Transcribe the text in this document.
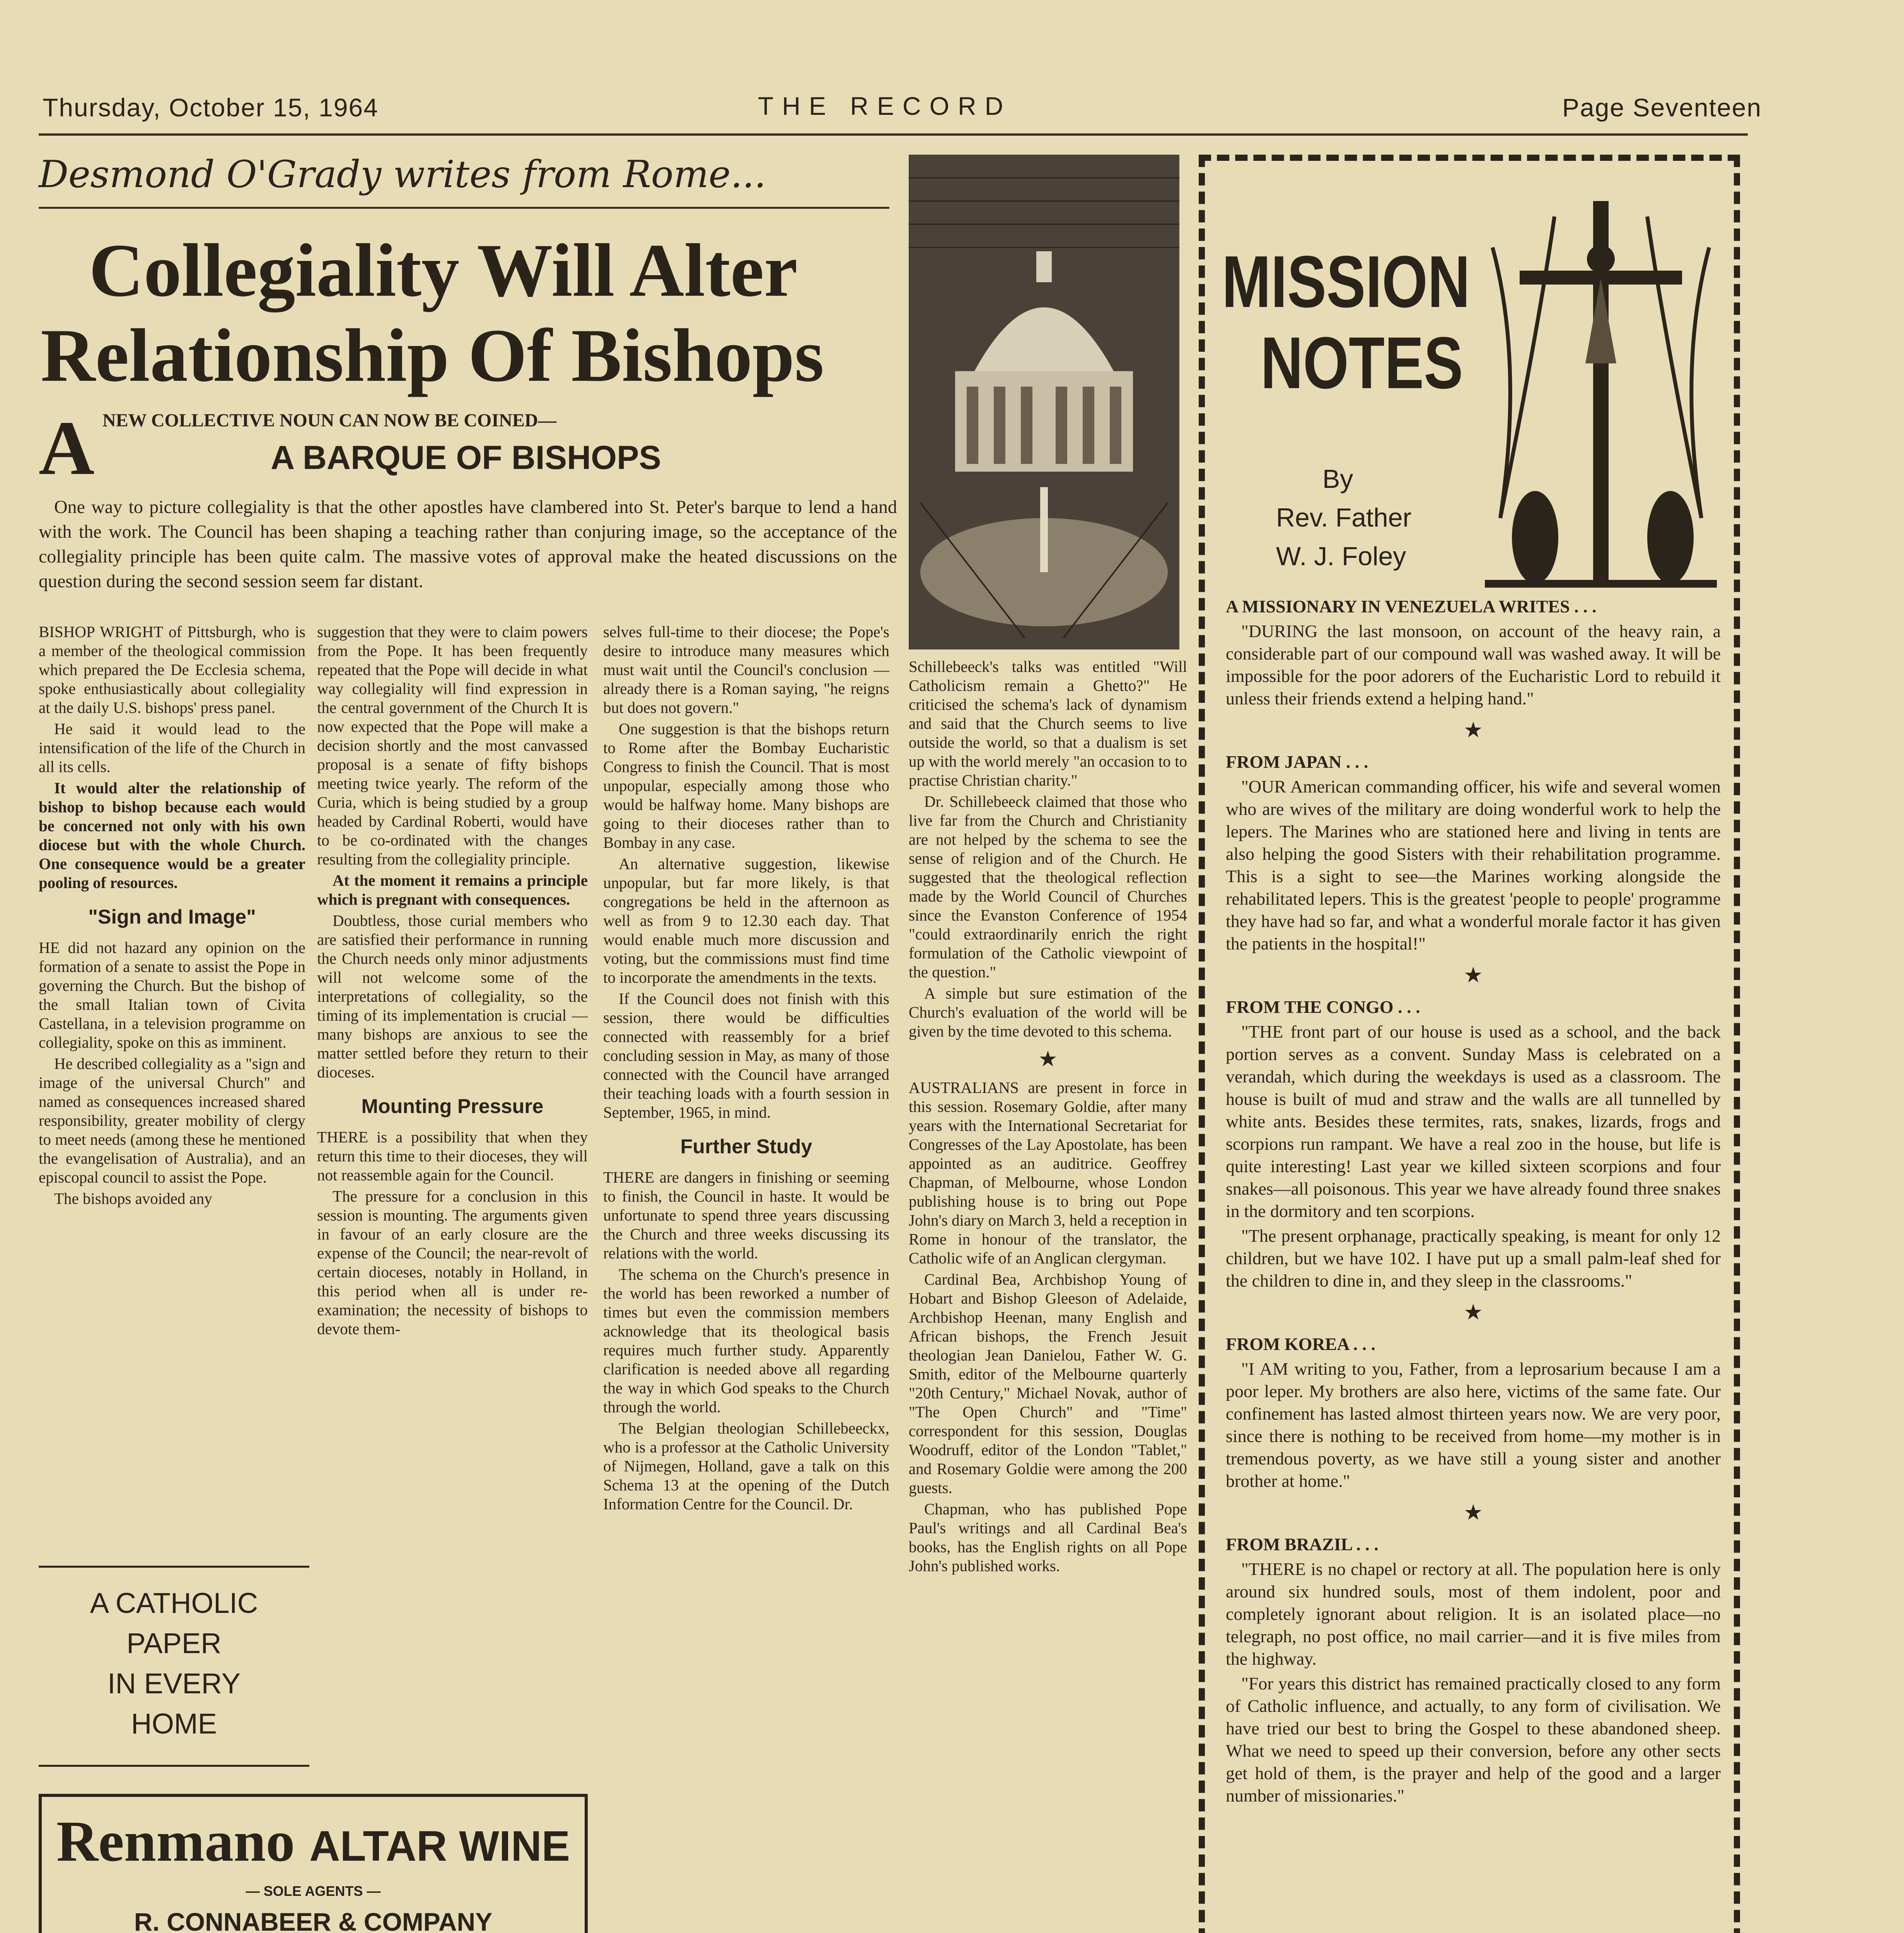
Thursday, October 15, 1964	THE RECORD	Page Seventeen
Desmond O'Grady writes from Rome...
Collegiality Will Alter
Relationship Of Bishops
A NEW COLLECTIVE NOUN CAN NOW BE COINED—
A BARQUE OF BISHOPS

One way to picture collegiality is that the other apostles have clambered into St. Peter's barque to lend a hand with the work. The Council has been shaping a teaching rather than conjuring image, so the acceptance of the collegiality principle has been quite calm. The massive votes of approval make the heated discussions on the question during the second session seem far distant.

BISHOP WRIGHT of Pittsburgh, who is a member of the theological commission which prepared the De Ecclesia schema, spoke enthusiastically about collegiality at the daily U.S. bishops' press panel.

He said it would lead to the intensification of the life of the Church in all its cells.

It would alter the relationship of bishop to bishop because each would be concerned not only with his own diocese but with the whole Church. One consequence would be a greater pooling of resources.

"Sign and Image"

HE did not hazard any opinion on the formation of a senate to assist the Pope in governing the Church. But the bishop of the small Italian town of Civita Castellana, in a television programme on collegiality, spoke on this as imminent.

He described collegiality as a "sign and image of the universal Church" and named as consequences increased shared responsibility, greater mobility of clergy to meet needs (among these he mentioned the evangelisation of Australia), and an episcopal council to assist the Pope.

The bishops avoided any

suggestion that they were to claim powers from the Pope. It has been frequently repeated that the Pope will decide in what way collegiality will find expression in the central government of the Church It is now expected that the Pope will make a decision shortly and the most canvassed proposal is a senate of fifty bishops meeting twice yearly. The reform of the Curia, which is being studied by a group headed by Cardinal Roberti, would have to be co-ordinated with the changes resulting from the collegiality principle.

At the moment it remains a principle which is pregnant with consequences.

Doubtless, those curial members who are satisfied their performance in running the Church needs only minor adjustments will not welcome some of the interpretations of collegiality, so the timing of its implementation is crucial — many bishops are anxious to see the matter settled before they return to their dioceses.

Mounting Pressure

THERE is a possibility that when they return this time to their dioceses, they will not reassemble again for the Council.

The pressure for a conclusion in this session is mounting. The arguments given in favour of an early closure are the expense of the Council; the near-revolt of certain dioceses, notably in Holland, in this period when all is under re-examination; the necessity of bishops to devote them-

selves full-time to their diocese; the Pope's desire to introduce many measures which must wait until the Council's conclusion — already there is a Roman saying, "he reigns but does not govern."

One suggestion is that the bishops return to Rome after the Bombay Eucharistic Congress to finish the Council. That is most unpopular, especially among those who would be halfway home. Many bishops are going to their dioceses rather than to Bombay in any case.

An alternative suggestion, likewise unpopular, but far more likely, is that congregations be held in the afternoon as well as from 9 to 12.30 each day. That would enable much more discussion and voting, but the commissions must find time to incorporate the amendments in the texts.

If the Council does not finish with this session, there would be difficulties connected with reassembly for a brief concluding session in May, as many of those connected with the Council have arranged their teaching loads with a fourth session in September, 1965, in mind.

Further Study

THERE are dangers in finishing or seeming to finish, the Council in haste. It would be unfortunate to spend three years discussing the Church and three weeks discussing its relations with the world.

The schema on the Church's presence in the world has been reworked a number of times but even the commission members acknowledge that its theological basis requires much further study. Apparently clarification is needed above all regarding the way in which God speaks to the Church through the world.

The Belgian theologian Schillebeeckx, who is a professor at the Catholic University of Nijmegen, Holland, gave a talk on this Schema 13 at the opening of the Dutch Information Centre for the Council. Dr.

Schillebeeck's talks was entitled "Will Catholicism remain a Ghetto?" He criticised the schema's lack of dynamism and said that the Church seems to live outside the world, so that a dualism is set up with the world merely "an occasion to to practise Christian charity."

Dr. Schillebeeck claimed that those who live far from the Church and Christianity are not helped by the schema to see the sense of religion and of the Church. He suggested that the theological reflection made by the World Council of Churches since the Evanston Conference of 1954 "could extraordinarily enrich the right formulation of the Catholic viewpoint of the question."

A simple but sure estimation of the Church's evaluation of the world will be given by the time devoted to this schema.

★

AUSTRALIANS are present in force in this session. Rosemary Goldie, after many years with the International Secretariat for Congresses of the Lay Apostolate, has been appointed as an auditrice. Geoffrey Chapman, of Melbourne, whose London publishing house is to bring out Pope John's diary on March 3, held a reception in Rome in honour of the translator, the Catholic wife of an Anglican clergyman.

Cardinal Bea, Archbishop Young of Hobart and Bishop Gleeson of Adelaide, Archbishop Heenan, many English and African bishops, the French Jesuit theologian Jean Danielou, Father W. G. Smith, editor of the Melbourne quarterly "20th Century," Michael Novak, author of "The Open Church" and "Time" correspondent for this session, Douglas Woodruff, editor of the London "Tablet," and Rosemary Goldie were among the 200 guests.

Chapman, who has published Pope Paul's writings and all Cardinal Bea's books, has the English rights on all Pope John's published works.

A CATHOLIC
PAPER
IN EVERY
HOME
Renmano ALTAR WINE
— SOLE AGENTS —
R. CONNABEER & COMPANY
MISSION
NOTES
By
Rev. Father
W. J. Foley

A MISSIONARY IN VENEZUELA WRITES . . .

"DURING the last monsoon, on account of the heavy rain, a considerable part of our compound wall was washed away. It will be impossible for the poor adorers of the Eucharistic Lord to rebuild it unless their friends extend a helping hand."

★

FROM JAPAN . . .

"OUR American commanding officer, his wife and several women who are wives of the military are doing wonderful work to help the lepers. The Marines who are stationed here and living in tents are also helping the good Sisters with their rehabilitation programme. This is a sight to see—the Marines working alongside the rehabilitated lepers. This is the greatest 'people to people' programme they have had so far, and what a wonderful morale factor it has given the patients in the hospital!"

★

FROM THE CONGO . . .

"THE front part of our house is used as a school, and the back portion serves as a convent. Sunday Mass is celebrated on a verandah, which during the weekdays is used as a classroom. The house is built of mud and straw and the walls are all tunnelled by white ants. Besides these termites, rats, snakes, lizards, frogs and scorpions run rampant. We have a real zoo in the house, but life is quite interesting! Last year we killed sixteen scorpions and four snakes—all poisonous. This year we have already found three snakes in the dormitory and ten scorpions.

"The present orphanage, practically speaking, is meant for only 12 children, but we have 102. I have put up a small palm-leaf shed for the children to dine in, and they sleep in the classrooms."

★

FROM KOREA . . .

"I AM writing to you, Father, from a leprosarium because I am a poor leper. My brothers are also here, victims of the same fate. Our confinement has lasted almost thirteen years now. We are very poor, since there is nothing to be received from home—my mother is in tremendous poverty, as we have still a young sister and another brother at home."

★

FROM BRAZIL . . .

"THERE is no chapel or rectory at all. The population here is only around six hundred souls, most of them indolent, poor and completely ignorant about religion. It is an isolated place—no telegraph, no post office, no mail carrier—and it is five miles from the highway.

"For years this district has remained practically closed to any form of Catholic influence, and actually, to any form of civilisation. We have tried our best to bring the Gospel to these abandoned sheep. What we need to speed up their conversion, before any other sects get hold of them, is the prayer and help of the good and a larger number of missionaries."
